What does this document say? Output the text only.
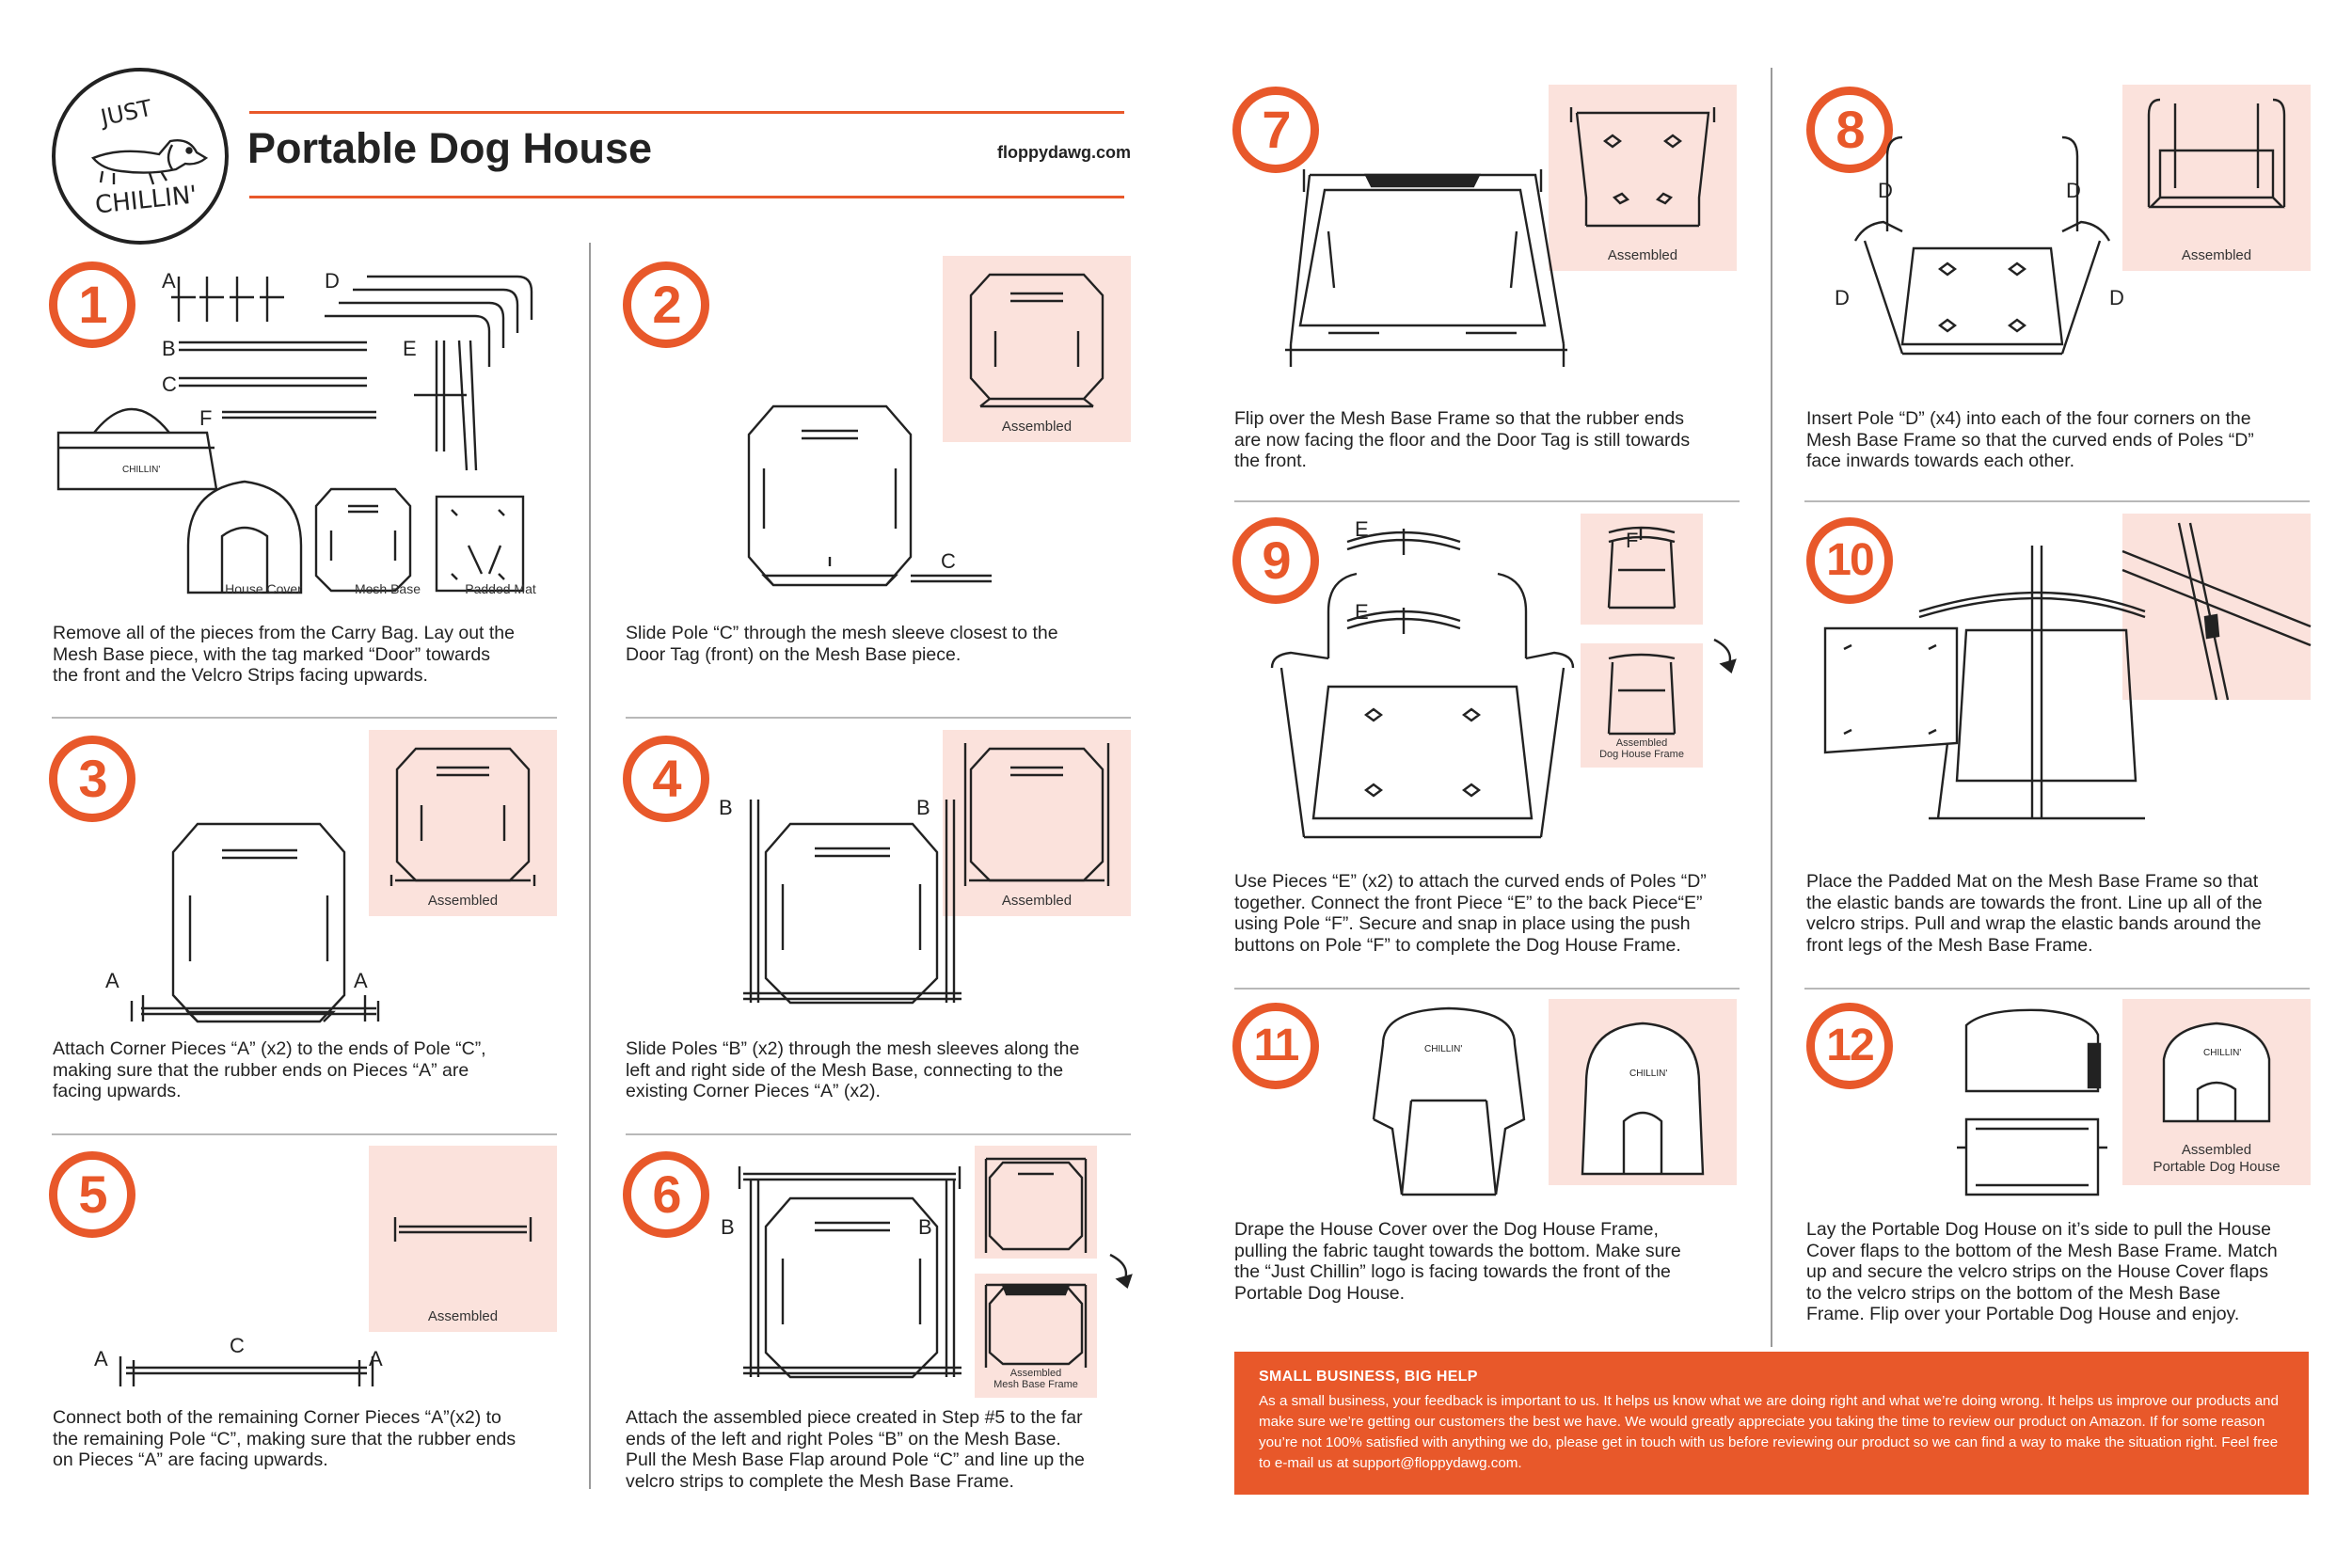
JUST
CHILLIN'
Portable Dog House	floppydawg.com
1	A	D
B	E
C
F
CHILLIN'
House Cover	Mesh Base	Padded Mat
Remove all of the pieces from the Carry Bag. Lay out the
Mesh Base piece, with the tag marked “Door” towards
the front and the Velcro Strips facing upwards.
2
Assembled
C
Slide Pole “C” through the mesh sleeve closest to the
Door Tag (front) on the Mesh Base piece.
3
Assembled
A	A
Attach Corner Pieces “A” (x2) to the ends of Pole “C”,
making sure that the rubber ends on Pieces “A” are
facing upwards.
4
Assembled
B	B
Slide Poles “B” (x2) through the mesh sleeves along the
left and right side of the Mesh Base, connecting to the
existing Corner Pieces “A” (x2).
5
Assembled
A
C
A
Connect both of the remaining Corner Pieces “A”(x2) to
the remaining Pole “C”, making sure that the rubber ends
on Pieces “A” are facing upwards.
6
Assembled
Mesh Base Frame
B	B
Attach the assembled piece created in Step #5 to the far
ends of the left and right Poles “B” on the Mesh Base.
Pull the Mesh Base Flap around Pole “C” and line up the
velcro strips to complete the Mesh Base Frame.
7
Assembled
Flip over the Mesh Base Frame so that the rubber ends
are now facing the floor and the Door Tag is still towards
the front.
8
Assembled
D	D
D	D
Insert Pole “D” (x4) into each of the four corners on the
Mesh Base Frame so that the curved ends of Poles “D”
face inwards towards each other.
9	F
Assembled
Dog House Frame
E
E
Use Pieces “E” (x2) to attach the curved ends of Poles “D”
together. Connect the front Piece “E” to the back Piece“E”
using Pole “F”. Secure and snap in place using the push
buttons on Pole “F” to complete the Dog House Frame.
10
Place the Padded Mat on the Mesh Base Frame so that
the elastic bands are towards the front. Line up all of the
velcro strips. Pull and wrap the elastic bands around the
front legs of the Mesh Base Frame.
11
CHILLIN'
CHILLIN'
Drape the House Cover over the Dog House Frame,
pulling the fabric taught towards the bottom. Make sure
the “Just Chillin” logo is facing towards the front of the
Portable Dog House.
12	CHILLIN'
Assembled
Portable Dog House
Lay the Portable Dog House on it’s side to pull the House
Cover flaps to the bottom of the Mesh Base Frame. Match
up and secure the velcro strips on the House Cover flaps
to the velcro strips on the bottom of the Mesh Base
Frame. Flip over your Portable Dog House and enjoy.
SMALL BUSINESS, BIG HELP
As a small business, your feedback is important to us. It helps us know what we are doing right and what we’re doing wrong. It helps us improve our products and make sure we’re getting our customers the best we have. We would greatly appreciate you taking the time to review our product on Amazon. If for some reason you’re not 100% satisfied with anything we do, please get in touch with us before reviewing our product so we can find a way to make the situation right. Feel free to e-mail us at support@floppydawg.com.
